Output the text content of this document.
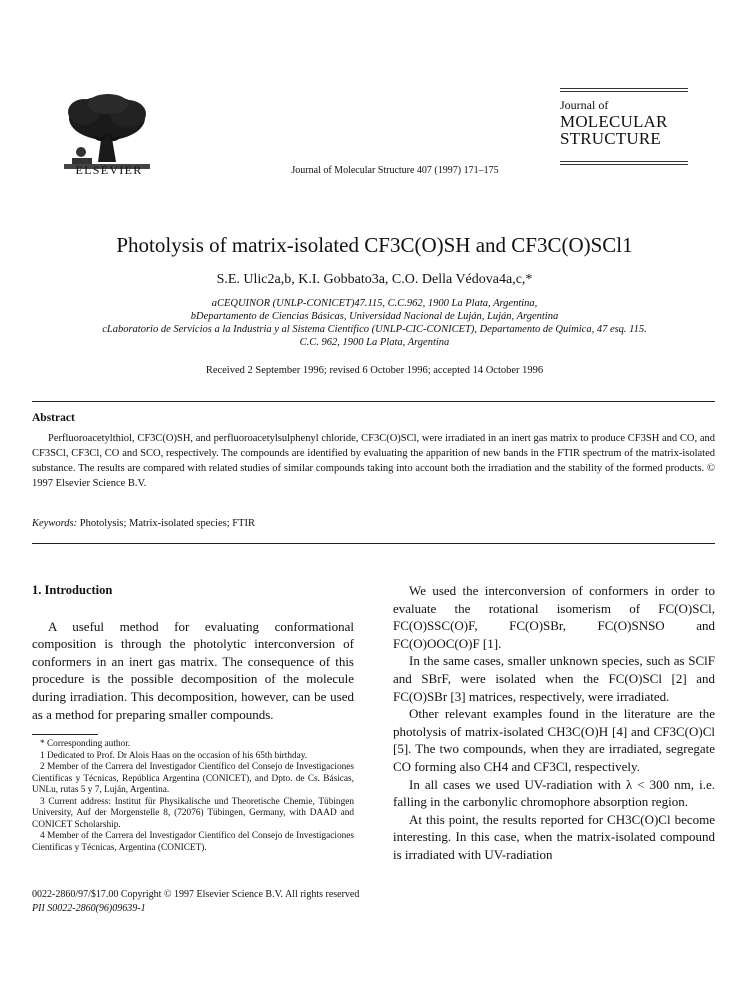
ELSEVIER	Journal of Molecular Structure 407 (1997) 171–175
Journal of
MOLECULAR
STRUCTURE
Photolysis of matrix-isolated CF3C(O)SH and CF3C(O)SCl1
S.E. Ulic2a,b, K.I. Gobbato3a, C.O. Della Védova4a,c,*
aCEQUINOR (UNLP-CONICET)47.115, C.C.962, 1900 La Plata, Argentina,
bDepartamento de Ciencias Básicas, Universidad Nacional de Luján, Luján, Argentina
cLaboratorio de Servicios a la Industria y al Sistema Científico (UNLP-CIC-CONICET), Departamento de Química, 47 esq. 115.
C.C. 962, 1900 La Plata, Argentina
Received 2 September 1996; revised 6 October 1996; accepted 14 October 1996
Abstract
Perfluoroacetylthiol, CF3C(O)SH, and perfluoroacetylsulphenyl chloride, CF3C(O)SCl, were irradiated in an inert gas matrix to produce CF3SH and CO, and CF3SCl, CF3Cl, CO and SCO, respectively. The compounds are identified by evaluating the apparition of new bands in the FTIR spectrum of the matrix-isolated substance. The results are compared with related studies of similar compounds taking into account both the irradiation and the stability of the formed products. © 1997 Elsevier Science B.V.
Keywords: Photolysis; Matrix-isolated species; FTIR
1. Introduction

A useful method for evaluating conformational composition is through the photolytic interconversion of conformers in an inert gas matrix. The consequence of this procedure is the possible decomposition of the molecule during irradiation. This decomposition, however, can be used as a method for preparing smaller compounds.

* Corresponding author.

1 Dedicated to Prof. Dr Alois Haas on the occasion of his 65th birthday.

2 Member of the Carrera del Investigador Científico del Consejo de Investigaciones Científicas y Técnicas, República Argentina (CONICET), and Dpto. de Cs. Básicas, UNLu, rutas 5 y 7, Luján, Argentina.

3 Current address: Institut für Physikalische und Theoretische Chemie, Tübingen University, Auf der Morgenstelle 8, (72076) Tübingen, Germany, with DAAD and CONICET Scholarship.

4 Member of the Carrera del Investigador Científico del Consejo de Investigaciones Científicas y Técnicas, Argentina (CONICET).

We used the interconversion of conformers in order to evaluate the rotational isomerism of FC(O)SCl, FC(O)SSC(O)F, FC(O)SBr, FC(O)SNSO and FC(O)OOC(O)F [1].

In the same cases, smaller unknown species, such as SClF and SBrF, were isolated when the FC(O)SCl [2] and FC(O)SBr [3] matrices, respectively, were irradiated.

Other relevant examples found in the literature are the photolysis of matrix-isolated CH3C(O)H [4] and CF3C(O)Cl [5]. The two compounds, when they are irradiated, segregate CO forming also CH4 and CF3Cl, respectively.

In all cases we used UV-radiation with λ < 300 nm, i.e. falling in the carbonylic chromophore absorption region.

At this point, the results reported for CH3C(O)Cl become interesting. In this case, when the matrix-isolated compound is irradiated with UV-radiation

0022-2860/97/$17.00 Copyright © 1997 Elsevier Science B.V. All rights reserved
PII S0022-2860(96)09639-1
